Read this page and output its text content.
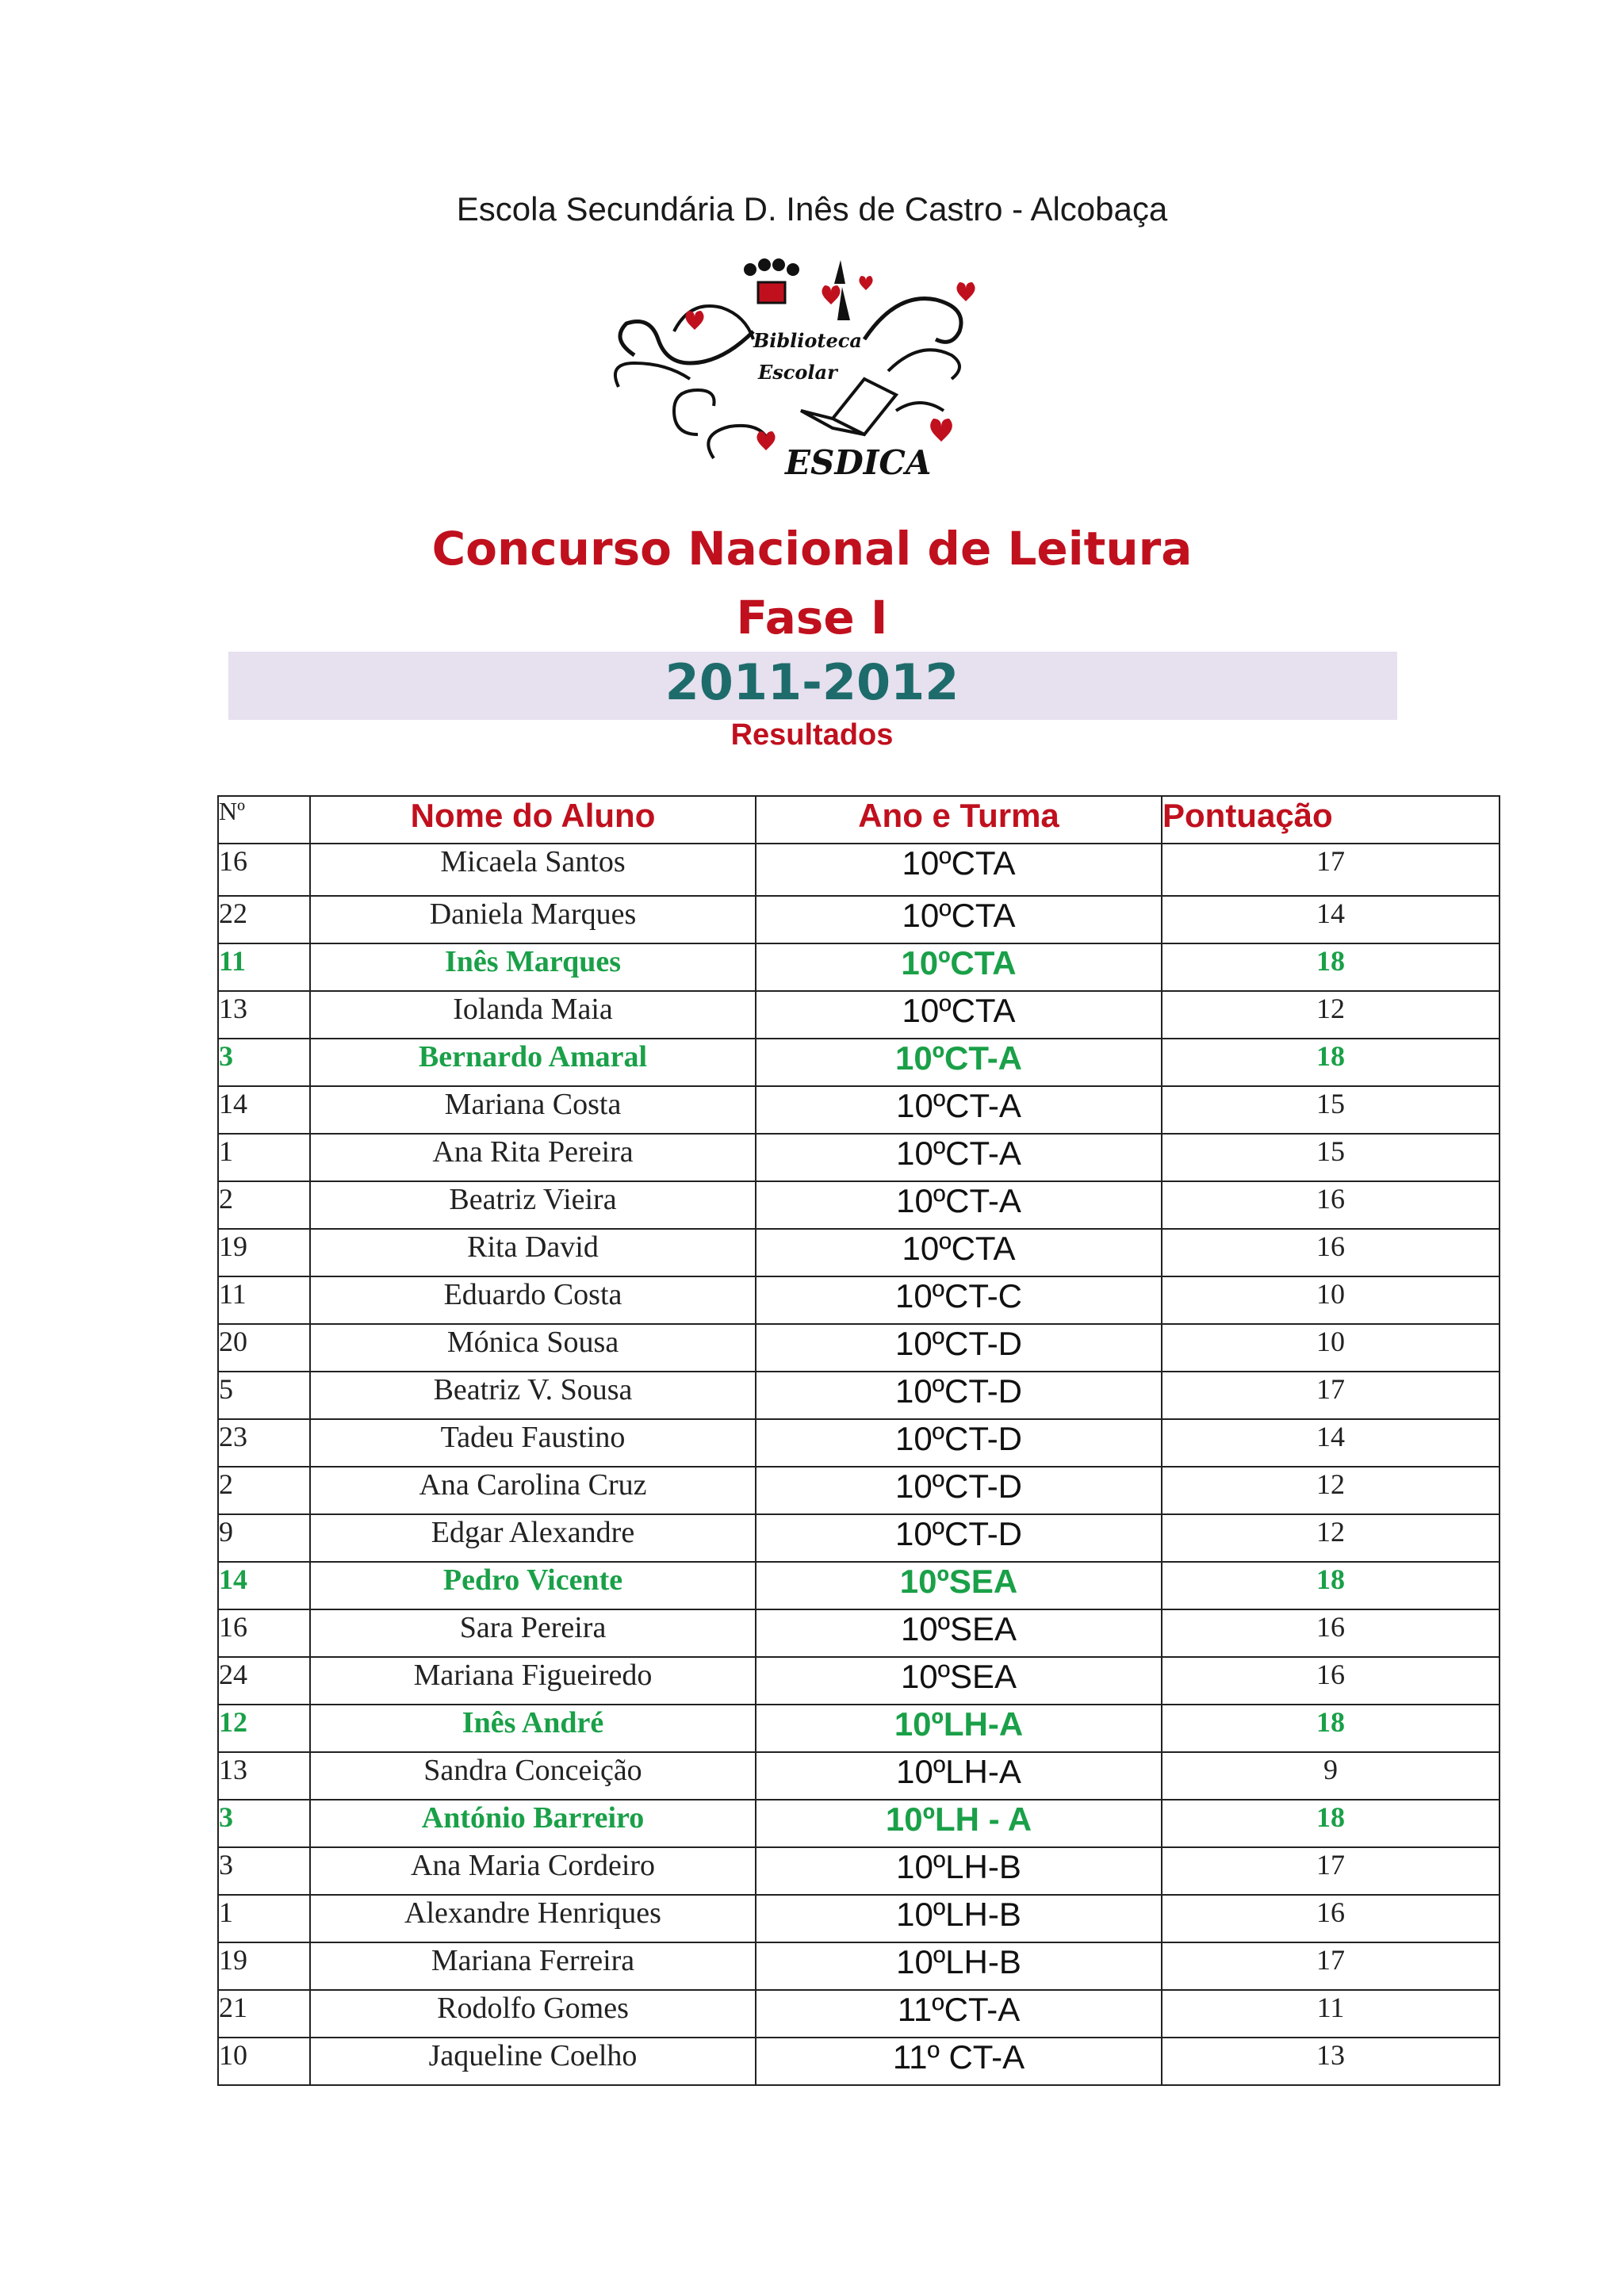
Escola Secundária D. Inês de Castro - Alcobaça
Biblioteca
Escolar
ESDICA
Concurso Nacional de Leitura
Fase I
2011-2012
Resultados
Nº	Nome do Aluno	Ano e Turma	Pontuação
16	Micaela Santos	10ºCTA	17
22	Daniela Marques	10ºCTA	14
11	Inês Marques	10ºCTA	18
13	Iolanda Maia	10ºCTA	12
3	Bernardo Amaral	10ºCT-A	18
14	Mariana Costa	10ºCT-A	15
1	Ana Rita Pereira	10ºCT-A	15
2	Beatriz Vieira	10ºCT-A	16
19	Rita David	10ºCTA	16
11	Eduardo Costa	10ºCT-C	10
20	Mónica Sousa	10ºCT-D	10
5	Beatriz V. Sousa	10ºCT-D	17
23	Tadeu Faustino	10ºCT-D	14
2	Ana Carolina Cruz	10ºCT-D	12
9	Edgar Alexandre	10ºCT-D	12
14	Pedro Vicente	10ºSEA	18
16	Sara Pereira	10ºSEA	16
24	Mariana Figueiredo	10ºSEA	16
12	Inês André	10ºLH-A	18
13	Sandra Conceição	10ºLH-A	9
3	António Barreiro	10ºLH - A	18
3	Ana Maria Cordeiro	10ºLH-B	17
1	Alexandre Henriques	10ºLH-B	16
19	Mariana Ferreira	10ºLH-B	17
21	Rodolfo Gomes	11ºCT-A	11
10	Jaqueline Coelho	11º CT-A	13
